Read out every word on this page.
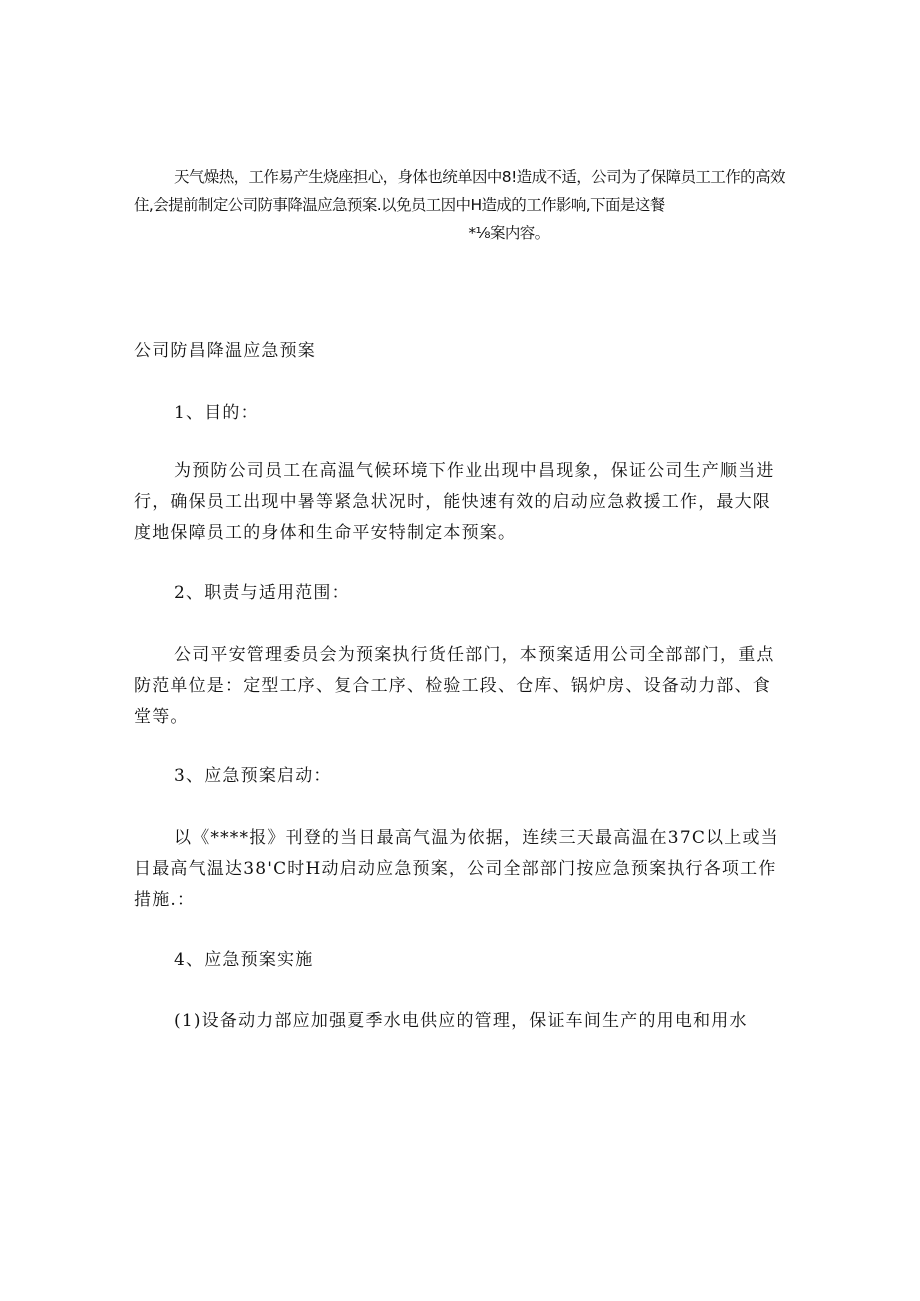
天气燥热，工作易产生烧座担心，身体也统单因中8!造成不适，公司为了保障员工工作的高效

住,会提前制定公司防事降温应急预案.以免员工因中H造成的工作影响,下面是这餐

*⅛案内容。

公司防昌降温应急预案

1、目的：

为预防公司员工在高温气候环境下作业出现中昌现象，保证公司生产顺当进
行，确保员工出现中暑等紧急状况时，能快速有效的启动应急救援工作，最大限
度地保障员工的身体和生命平安特制定本预案。

2、职责与适用范围：

公司平安管理委员会为预案执行货任部门，本预案适用公司全部部门，重点
防范单位是：定型工序、复合工序、检验工段、仓库、锅炉房、设备动力部、食
堂等。

3、应急预案启动：

以《****报》刊登的当日最高气温为依据，连续三天最高温在37C以上或当
日最高气温达38'C时H动启动应急预案，公司全部部门按应急预案执行各项工作
措施.：

4、应急预案实施

(1)设备动力部应加强夏季水电供应的管理，保证车间生产的用电和用水
